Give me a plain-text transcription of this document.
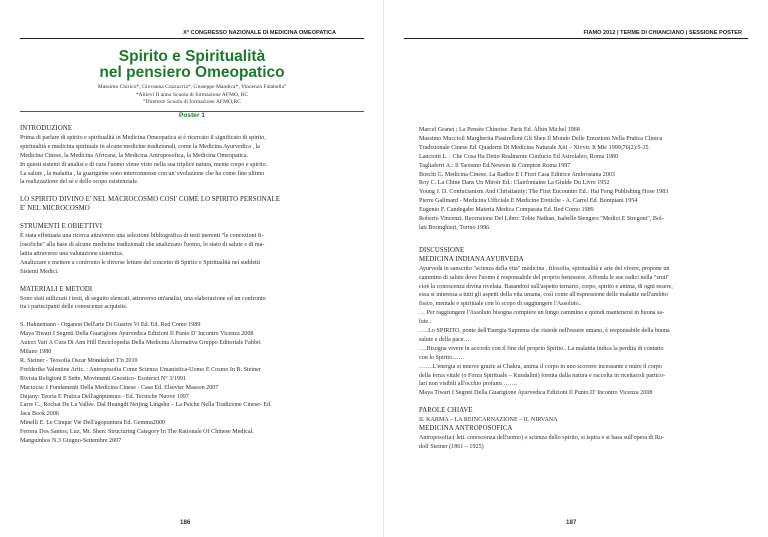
X° CONGRESSO NAZIONALE DI MEDICINA OMEOPATICA
Spirito e Spiritualità
nel pensiero Omeopatico
Massimo Chirico*, Giovanna Cuzzucria*, Giuseppe Mandica*, Vincenzo Falabella°
*Allievi II anno Scuola di formazione AFMO, RC
°Direttore Scuola di formazione AFMO,RC
Poster 1

INTRODUZIONE

Prima di parlare di spirito e spiritualità in Medicina Omeopatica si è ricercato il significato di spirito,

spiritualità e medicina spirituale in alcune medicine tradizionali, come la Medicina Ayurvedica , la

Medicina Cinese, la Medicina Africana, la Medicina Antroposofica, la Medicina Omeopatica.

In questi sistemi di analisi e di cura l'uomo viene visto nella sua triplice natura, mente corpo e spirito.

La salute , la malattia , la guarigione sono interconnesse con un' evoluzione che ha come fine ultimo

la realizzazione del sè e dello scopo esistenziale.

LO SPIRITO DIVINO E' NEL MACROCOSMO COSI' COME LO SPIRITO PERSONALE

E' NEL MICROCOSMO

STRUMENTI E OBIETTIVI

È stata effettuata una ricerca attraverso una selezione bibliografica di testi inerenti "le concezioni fi-

losofiche" alla base di alcune medicine tradizionali che analizzano l'uomo, lo stato di salute e di ma-

lattia attraverso una valutazione sistemica.

Analizzare e mettere a confronto le diverse letture del concetto di Spirito e Spiritualità nei suddetti

Sistemi Medici.

MATERIALI E METODI

Sono stati utilizzati i testi, di seguito elencati, attraverso un'analisi, una elaborazione ed un confronto

tra i partecipanti delle conoscenze acquisite.

S. Hahnemann - Organon Dell'arte Di Guarire Vi Ed. Ed. Red Como 1989

Maya Tiwari I Segreti Della Guarigione Ayurvedica Edizioni Il Punto D' Incontro Vicenza 2008

Autori Vari A Cura Di Ann Hill Enciclopedia Della Medicina Alternativa Gruppo Editoriale Fabbri

Milano 1980

R. Steiner - Teosofia Oscar Mondadori T'n 2010

Freiderike Valentine Artic. : Antroposofia Come Scienza Umanistica-Uomo E Cosmo In R. Steiner

Rivista Religioni E Sette, Movimenti Gnostico- Esoterici N° 3/1991

Maciocia: I Fondamenti Della Medicina Cinese - Casa Ed. Elsevier Masson 2007

Dujany: Teoria E Pratica Dell'agopuntura - Ed. Tecniche Nuove 1997

Larre C., Rochat De La Vallée. Dal Huangdi Neijing Lingshu – La Psiche Nella Tradizione Cinese- Ed.

Jaca Book 2006

Minelli E. Le Cinque Vie Dell'agopuntura Ed. Gemma2000

Ferrera Dos Santos; Luz, Mt. Shen: Structuring Category In The Rationale Of Chinese Medical.

Manguinhos N.3 Giugno-Settembre 2007

186
FIAMO 2012 | TERME DI CHIANCIANO | SESSIONE POSTER
187

Marcel Granet ; La Pensèe Chinoise. Paris Ed. Albin Michel 1968

Massimo Muccioli Margherita Piastrelloni Gli Shen Il Mondo Delle Emozioni Nella Pratica Clinica

Tradizionale Cinese Ed. Quaderni Di Medicina Naturale Xiii – Xivvir. It Mtc 1999;76(2):5-35

Lanciotti L. : Che Cosa Ha Detto Realmente Confucio Ed Astrolabio, Roma 1980

Tagliaferri A.: Il Taoismo Ed.Newton & Compton Roma 1997

Boschi G. Medicina Cinese. La Radice E I Fiori Casa Editrice Ambrosiana 2003

Roy C. La Chine Dans Un Miroir Ed.: Clairfontaine La Giulde Du Livre 1952

Young J. D. Confucianism And Christianity: The First Encounter Ed.: Hai Feng Publishing Hose 1983

Pierre Galimard - Medicina Ufficiale E Medicine Eretiche - A. Carrel Ed. Bompiani 1954

Eugenio F. Candegabe Materia Medica Comparata Ed. Red Como 1989

Roberto Vincenzi. Recensione Del Libro: Tobie Nathan, Isabelle Stengers "Medici E Stregoni", Bol-

lati Boringhieri, Torino 1996.

DISCUSSIONE

MEDICINA INDIANA AYURVEDA

Ayurveda in sanscrito "scienza della vita" medicina , filosofia, spiritualità e arte del vivere, propone un

cammino di salute dove l'uomo è responsabile del proprio benessere. Affonda le sue radici nella "sruti"

cioè la conoscenza divina rivelata. Basandosi sull'aspetto ternario, corpo, spirito e anima, di ogni essere,

essa si interessa a tutti gli aspetti della vita umana, così come all'espressione delle malattie nell'ambito

fisico, mentale e spirituale con lo scopo di raggiungere l'Assoluto..

… Per raggiungere l'Assoluto bisogna compiere un lungo cammino e quindi mantenersi in buona sa-

lute..

…..Lo SPIRITO, ponte dell'Energia Suprema che risiede nell'essere umano, è responsabile della buona

salute e della pace…

….Bisogna vivere in accordo con il fine del proprio Spirito.. La malattia indica la perdita di contatto

con lo Spirito……

…….L'energia si muove grazie ai Chakra, anima il corpo in uno scorrere incessante e nutre il corpo

della forza vitale (o Forza Spirituale – Kundalini) fornita dalla natura e raccolta in ricettacoli partico-

lari non visibili all'occhio profano……..

Maya Tiwari I Segreti Della Guarigione Ayurvedica Edizioni Il Punto D' Incontro Vicenza 2008

PAROLE CHIAVE

II. KARMA – LA REINCARNAZIONE – II. NIRVANA

MEDICINA ANTROPOSOFICA

Antroposofia:( lett. conoscenza dell'uomo) o scienza dello spirito, si ispira e si basa sull'opera di Ru-

dolf Steiner (1861 – 1925)
